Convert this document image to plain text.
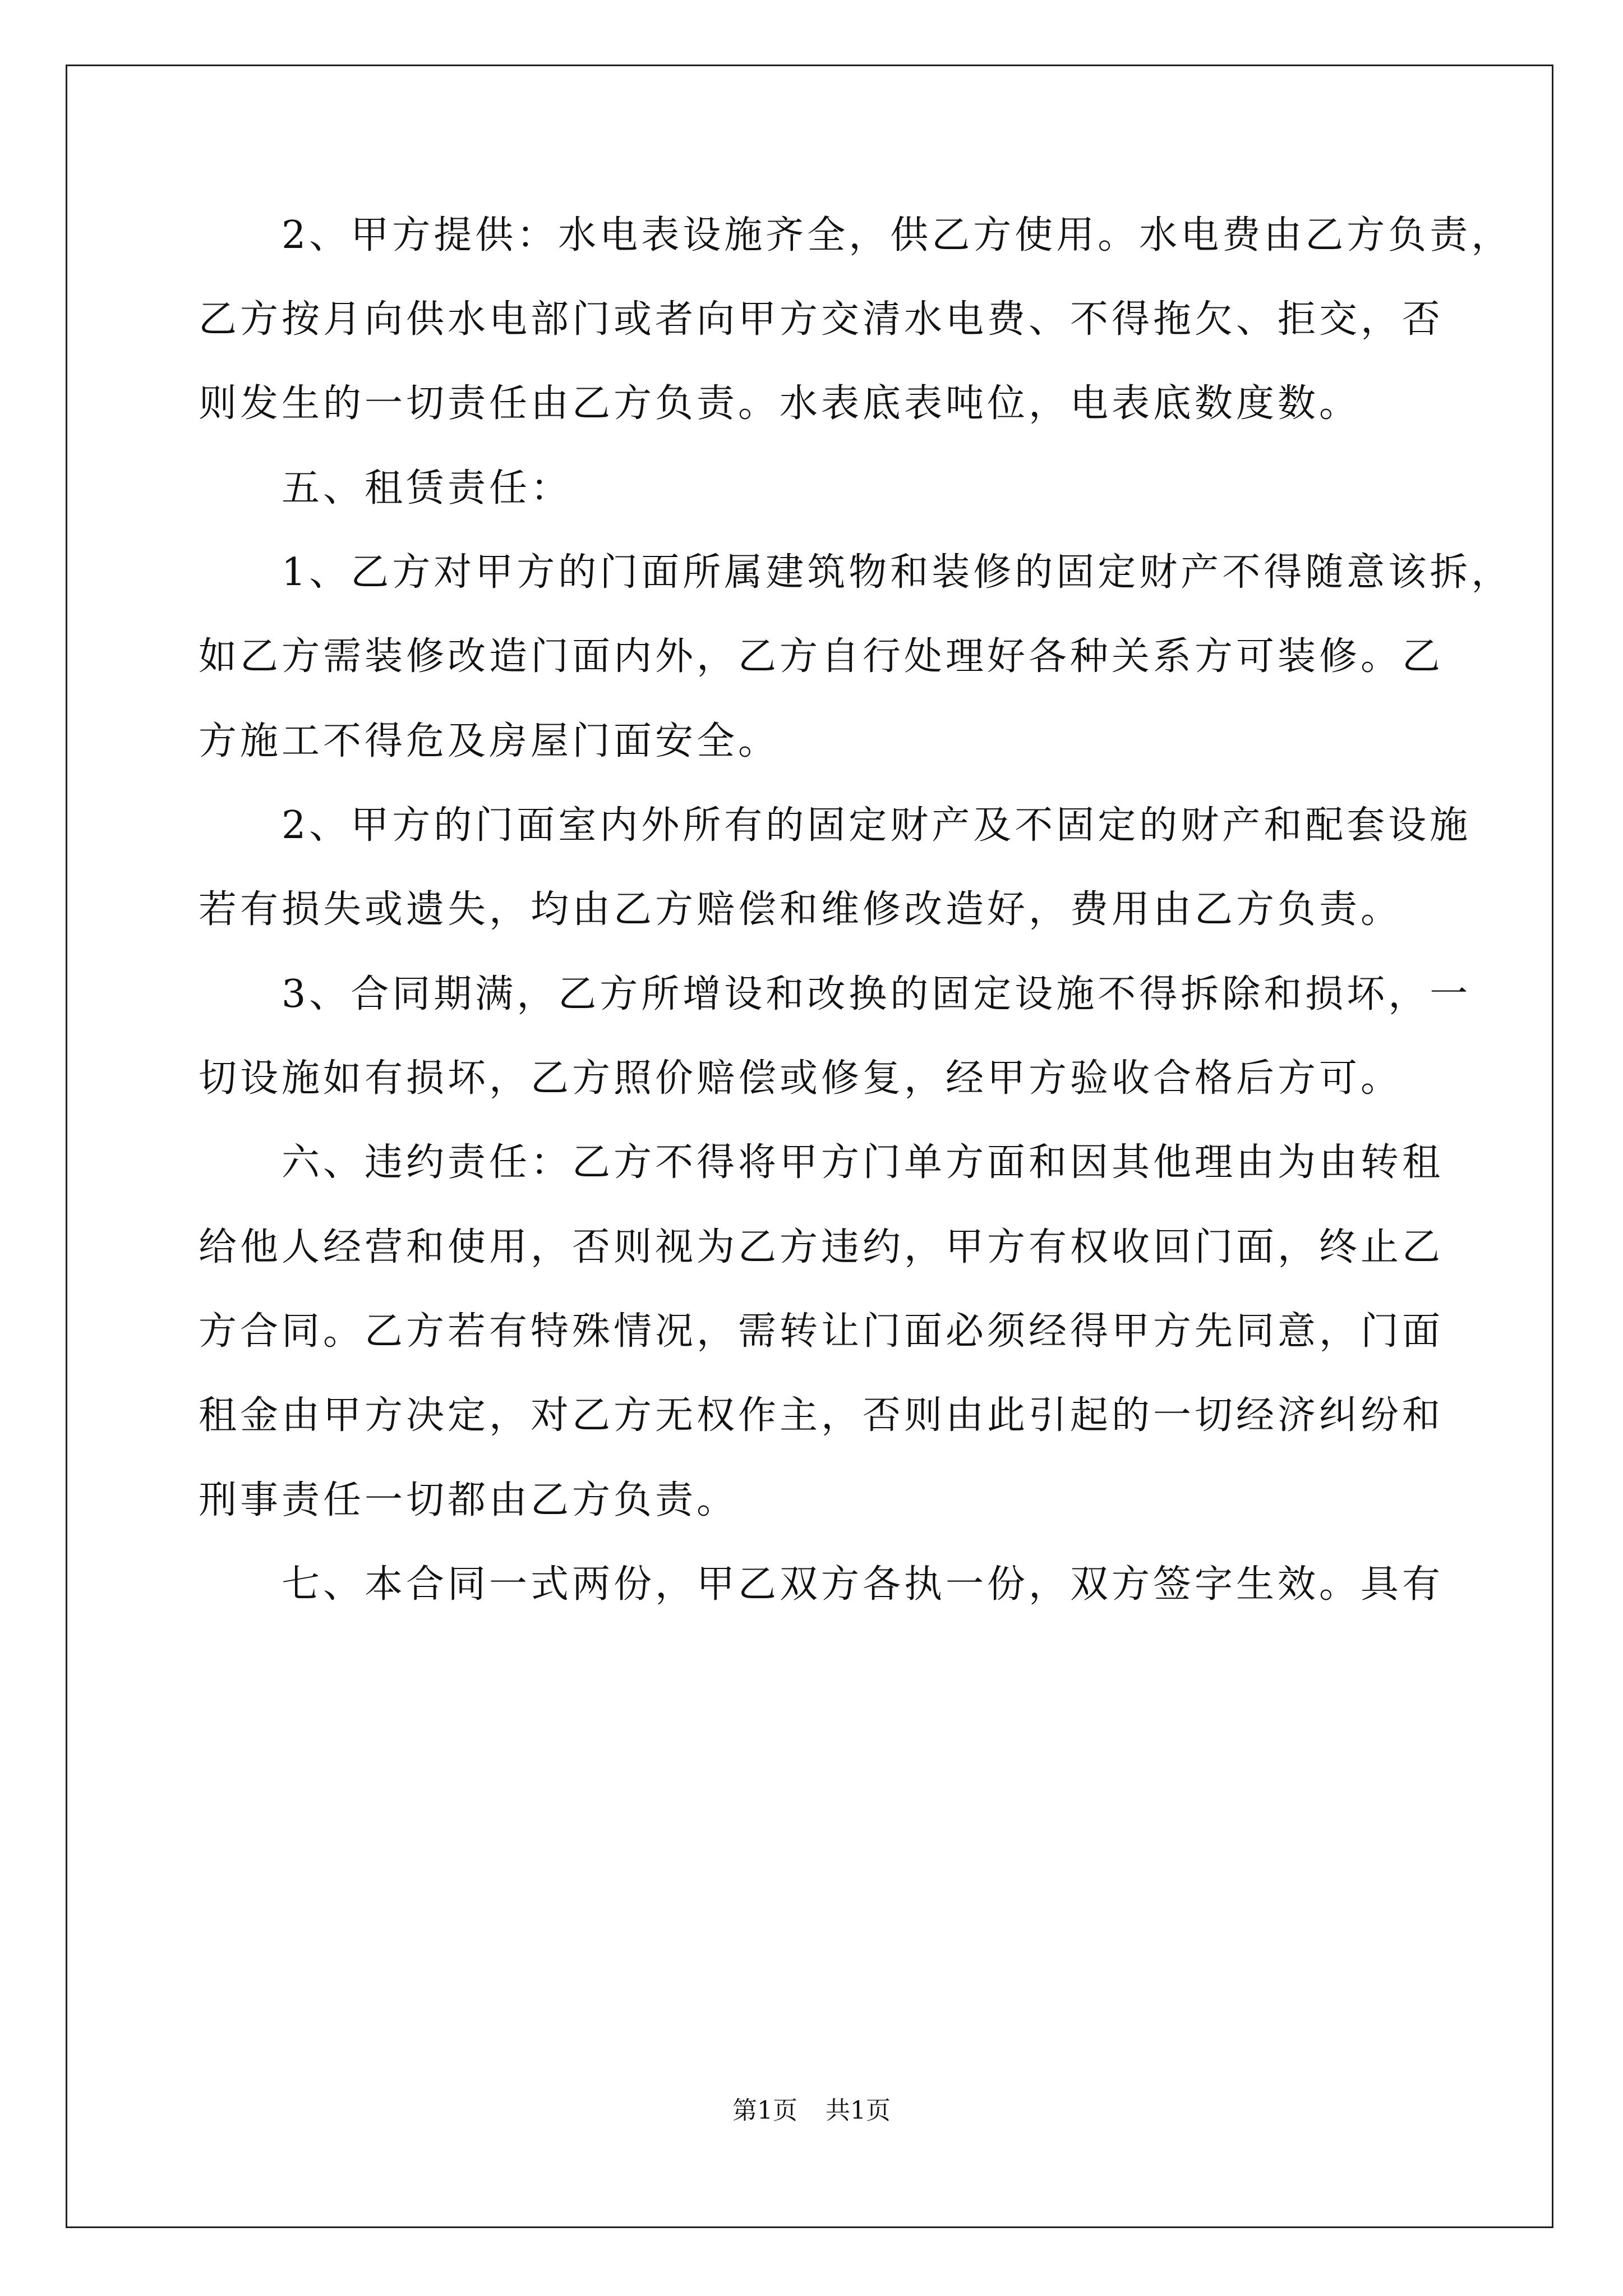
2、甲方提供：水电表设施齐全，供乙方使用。水电费由乙方负责，
乙方按月向供水电部门或者向甲方交清水电费、不得拖欠、拒交，否
则发生的一切责任由乙方负责。水表底表吨位，电表底数度数。
五、租赁责任：
1、乙方对甲方的门面所属建筑物和装修的固定财产不得随意该拆，
如乙方需装修改造门面内外，乙方自行处理好各种关系方可装修。乙
方施工不得危及房屋门面安全。
2、甲方的门面室内外所有的固定财产及不固定的财产和配套设施
若有损失或遗失，均由乙方赔偿和维修改造好，费用由乙方负责。
3、合同期满，乙方所增设和改换的固定设施不得拆除和损坏，一
切设施如有损坏，乙方照价赔偿或修复，经甲方验收合格后方可。
六、违约责任：乙方不得将甲方门单方面和因其他理由为由转租
给他人经营和使用，否则视为乙方违约，甲方有权收回门面，终止乙
方合同。乙方若有特殊情况，需转让门面必须经得甲方先同意，门面
租金由甲方决定，对乙方无权作主，否则由此引起的一切经济纠纷和
刑事责任一切都由乙方负责。
七、本合同一式两份，甲乙双方各执一份，双方签字生效。具有
第1页 共1页
